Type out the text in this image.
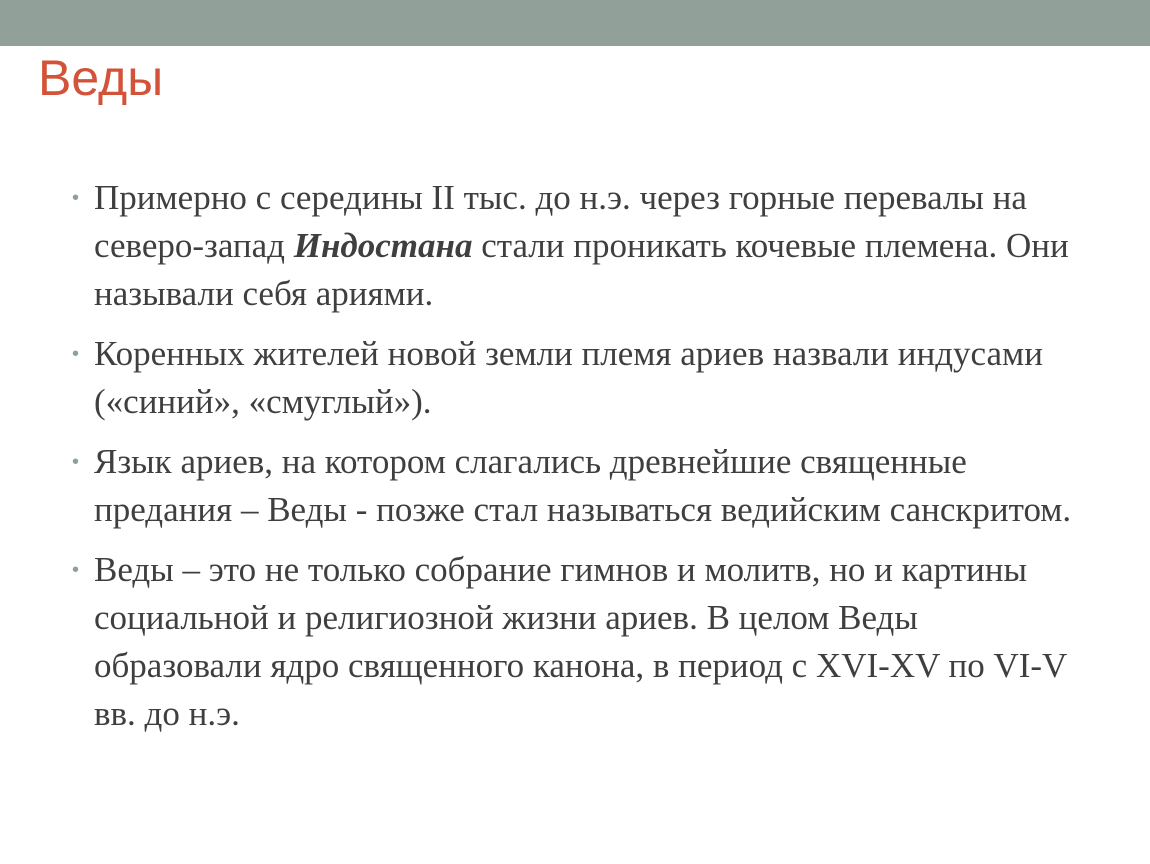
Веды
• Примерно с середины II тыс. до н.э. через горные перевалы на северо-запад Индостана стали проникать кочевые племена. Они называли себя ариями.
• Коренных жителей новой земли племя ариев назвали индусами («синий», «смуглый»).
• Язык ариев, на котором слагались древнейшие священные предания – Веды - позже стал называться ведийским санскритом.
• Веды – это не только собрание гимнов и молитв, но и картины социальной и религиозной жизни ариев. В целом Веды образовали ядро священного канона, в период с XVI-XV по VI-V вв. до н.э.
